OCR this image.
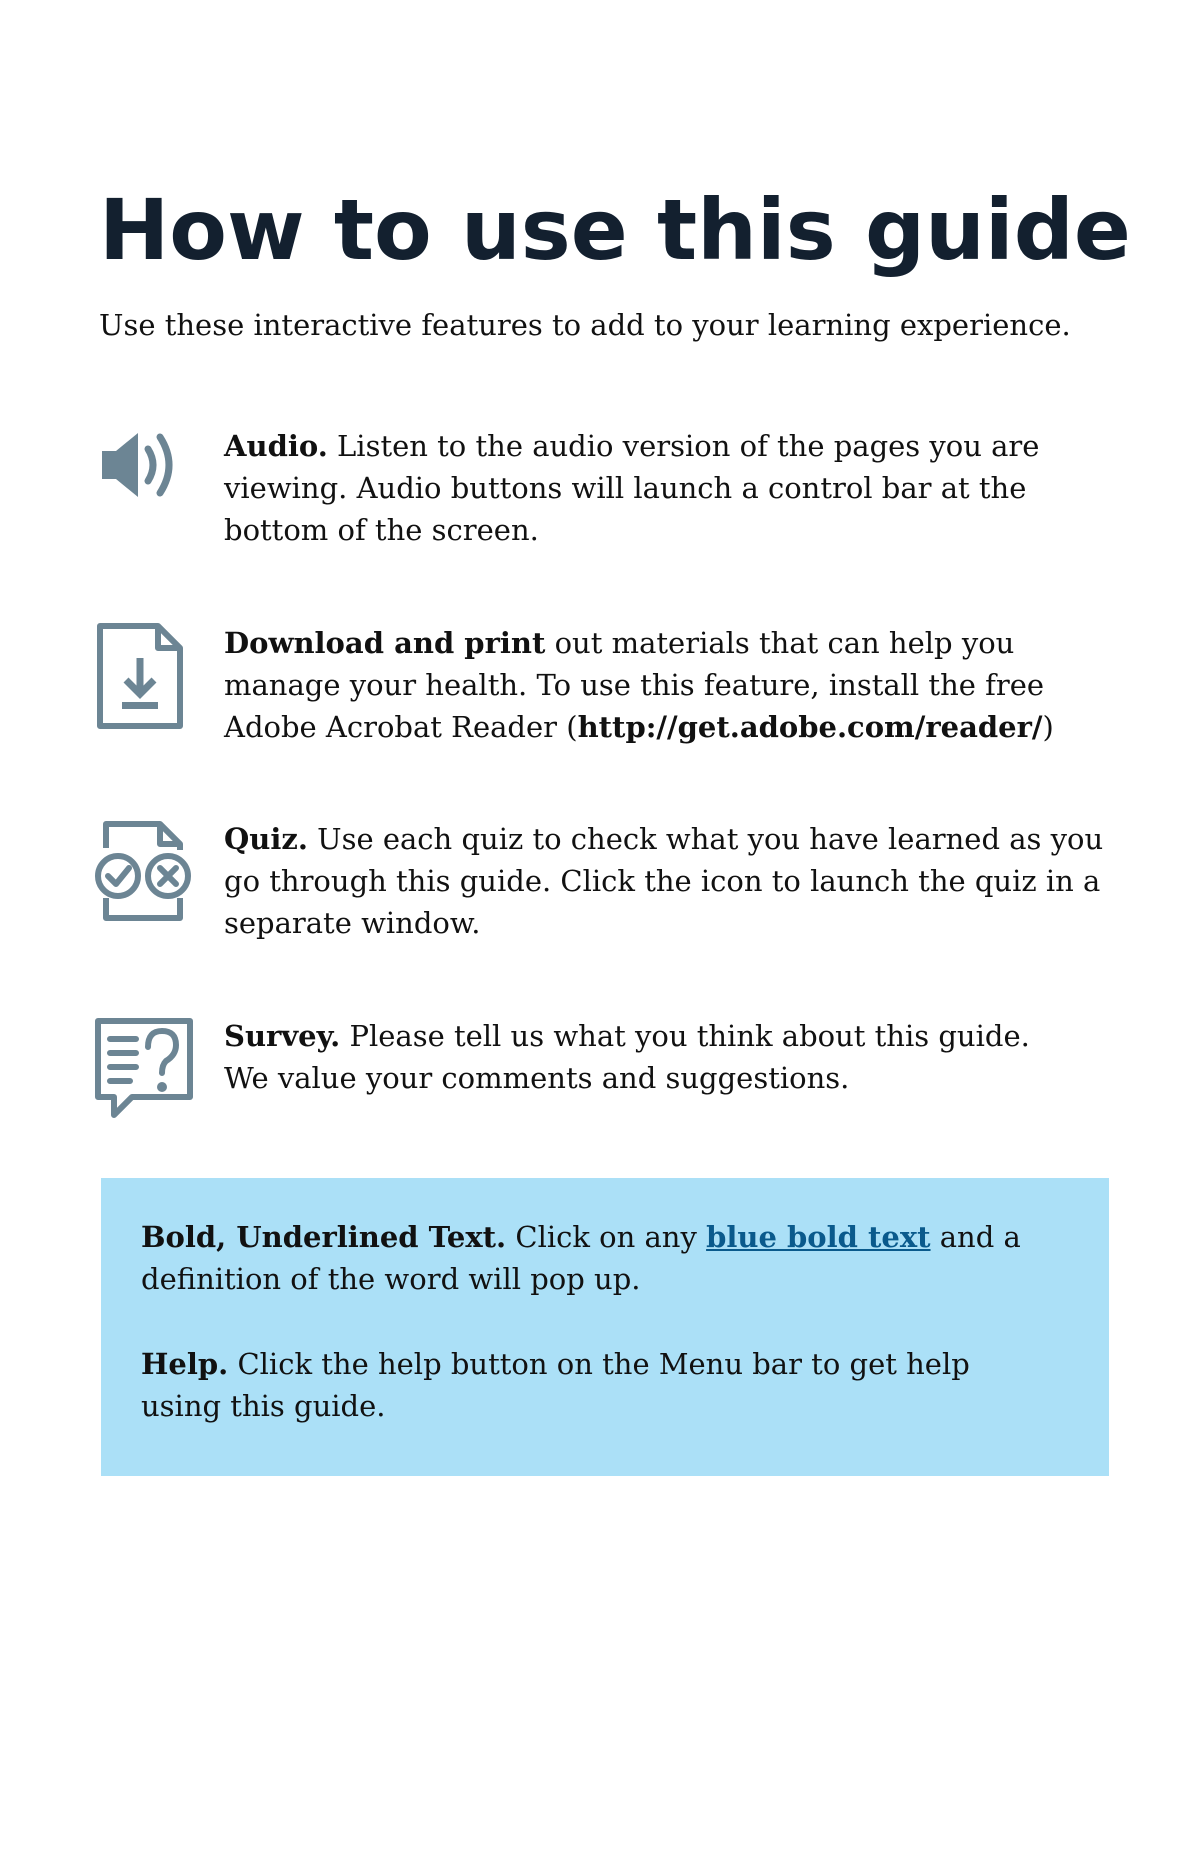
How to use this guide

Use these interactive features to add to your learning experience.

Audio. Listen to the audio version of the pages you are
viewing. Audio buttons will launch a control bar at the
bottom of the screen.

Download and print out materials that can help you
manage your health. To use this feature, install the free
Adobe Acrobat Reader (http://get.adobe.com/reader/)

Quiz. Use each quiz to check what you have learned as you
go through this guide. Click the icon to launch the quiz in a
separate window.

Survey. Please tell us what you think about this guide.
We value your comments and suggestions.

Bold, Underlined Text. Click on any blue bold text and a
definition of the word will pop up.

Help. Click the help button on the Menu bar to get help
using this guide.
